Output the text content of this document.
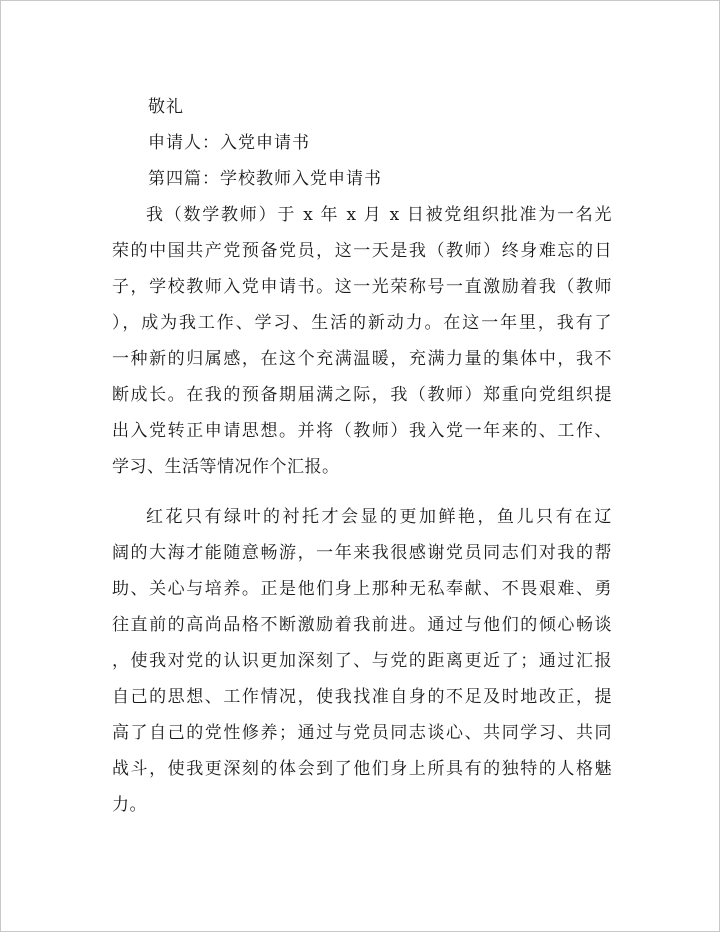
敬礼
申请人：入党申请书
第四篇：学校教师入党申请书

我（数学教师）于 x 年 x 月 x 日被党组织批准为一名光
荣的中国共产党预备党员，这一天是我（教师）终身难忘的日
子，学校教师入党申请书。这一光荣称号一直激励着我（教师
），成为我工作、学习、生活的新动力。在这一年里，我有了
一种新的归属感，在这个充满温暖，充满力量的集体中，我不
断成长。在我的预备期届满之际，我（教师）郑重向党组织提
出入党转正申请思想。并将（教师）我入党一年来的、工作、
学习、生活等情况作个汇报。

红花只有绿叶的衬托才会显的更加鲜艳，鱼儿只有在辽
阔的大海才能随意畅游，一年来我很感谢党员同志们对我的帮
助、关心与培养。正是他们身上那种无私奉献、不畏艰难、勇
往直前的高尚品格不断激励着我前进。通过与他们的倾心畅谈
，使我对党的认识更加深刻了、与党的距离更近了；通过汇报
自己的思想、工作情况，使我找准自身的不足及时地改正，提
高了自己的党性修养；通过与党员同志谈心、共同学习、共同
战斗，使我更深刻的体会到了他们身上所具有的独特的人格魅
力。
